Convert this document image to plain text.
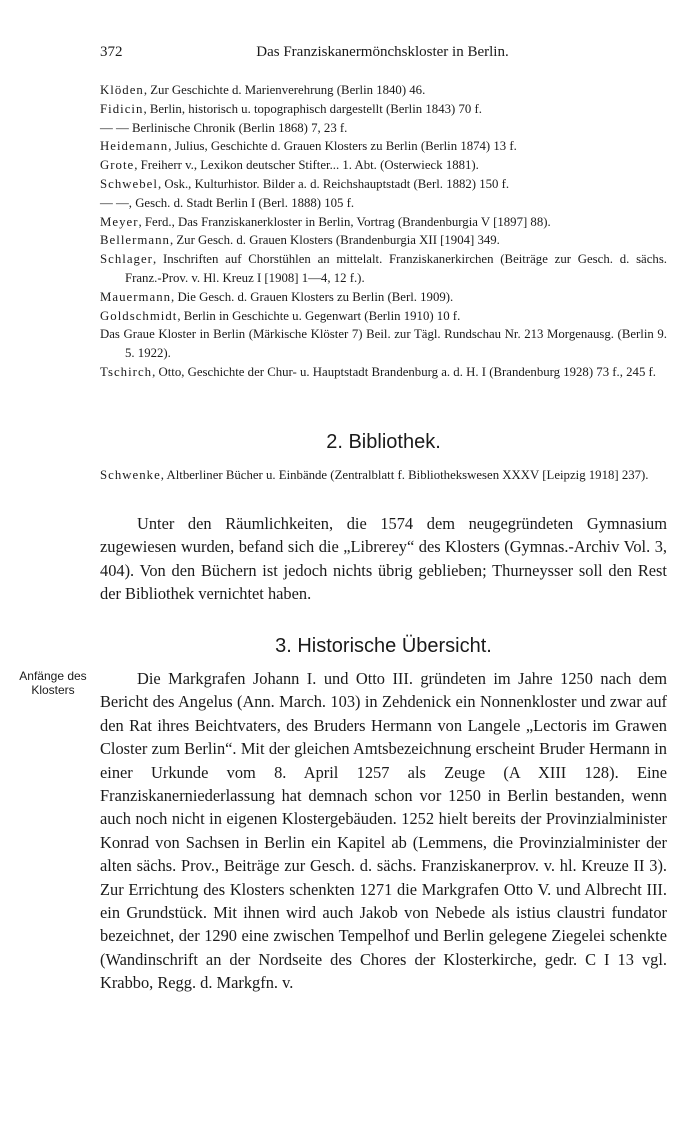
372	Das Franziskanermönchskloster in Berlin.
Klöden, Zur Geschichte d. Marienverehrung (Berlin 1840) 46.
Fidicin, Berlin, historisch u. topographisch dargestellt (Berlin 1843) 70 f.
— — Berlinische Chronik (Berlin 1868) 7, 23 f.
Heidemann, Julius, Geschichte d. Grauen Klosters zu Berlin (Berlin 1874) 13 f.
Grote, Freiherr v., Lexikon deutscher Stifter... 1. Abt. (Osterwieck 1881).
Schwebel, Osk., Kulturhistor. Bilder a. d. Reichshauptstadt (Berl. 1882) 150 f.
— —, Gesch. d. Stadt Berlin I (Berl. 1888) 105 f.
Meyer, Ferd., Das Franziskanerkloster in Berlin, Vortrag (Brandenburgia V [1897] 88).
Bellermann, Zur Gesch. d. Grauen Klosters (Brandenburgia XII [1904] 349.
Schlager, Inschriften auf Chorstühlen an mittelalt. Franziskanerkirchen (Beiträge zur Gesch. d. sächs. Franz.-Prov. v. Hl. Kreuz I [1908] 1—4, 12 f.).
Mauermann, Die Gesch. d. Grauen Klosters zu Berlin (Berl. 1909).
Goldschmidt, Berlin in Geschichte u. Gegenwart (Berlin 1910) 10 f.
Das Graue Kloster in Berlin (Märkische Klöster 7) Beil. zur Tägl. Rundschau Nr. 213 Morgenausg. (Berlin 9. 5. 1922).
Tschirch, Otto, Geschichte der Chur- u. Hauptstadt Brandenburg a. d. H. I (Brandenburg 1928) 73 f., 245 f.
2. Bibliothek.
Schwenke, Altberliner Bücher u. Einbände (Zentralblatt f. Bibliothekswesen XXXV [Leipzig 1918] 237).

Unter den Räumlichkeiten, die 1574 dem neugegründeten Gymnasium zugewiesen wurden, befand sich die „Librerey“ des Klosters (Gymnas.-Archiv Vol. 3, 404). Von den Büchern ist jedoch nichts übrig geblieben; Thurneysser soll den Rest der Bibliothek vernichtet haben.

3. Historische Übersicht.
Anfänge des Klosters

Die Markgrafen Johann I. und Otto III. gründeten im Jahre 1250 nach dem Bericht des Angelus (Ann. March. 103) in Zehdenick ein Nonnenkloster und zwar auf den Rat ihres Beichtvaters, des Bruders Hermann von Langele „Lectoris im Grawen Closter zum Berlin“. Mit der gleichen Amtsbezeichnung erscheint Bruder Hermann in einer Urkunde vom 8. April 1257 als Zeuge (A XIII 128). Eine Franziskanerniederlassung hat demnach schon vor 1250 in Berlin bestanden, wenn auch noch nicht in eigenen Klostergebäuden. 1252 hielt bereits der Provinzialminister Konrad von Sachsen in Berlin ein Kapitel ab (Lemmens, die Provinzialminister der alten sächs. Prov., Beiträge zur Gesch. d. sächs. Franziskanerprov. v. hl. Kreuze II 3). Zur Errichtung des Klosters schenkten 1271 die Markgrafen Otto V. und Albrecht III. ein Grundstück. Mit ihnen wird auch Jakob von Nebede als istius claustri fundator bezeichnet, der 1290 eine zwischen Tempelhof und Berlin gelegene Ziegelei schenkte (Wandinschrift an der Nordseite des Chores der Klosterkirche, gedr. C I 13 vgl. Krabbo, Regg. d. Markgfn. v.
